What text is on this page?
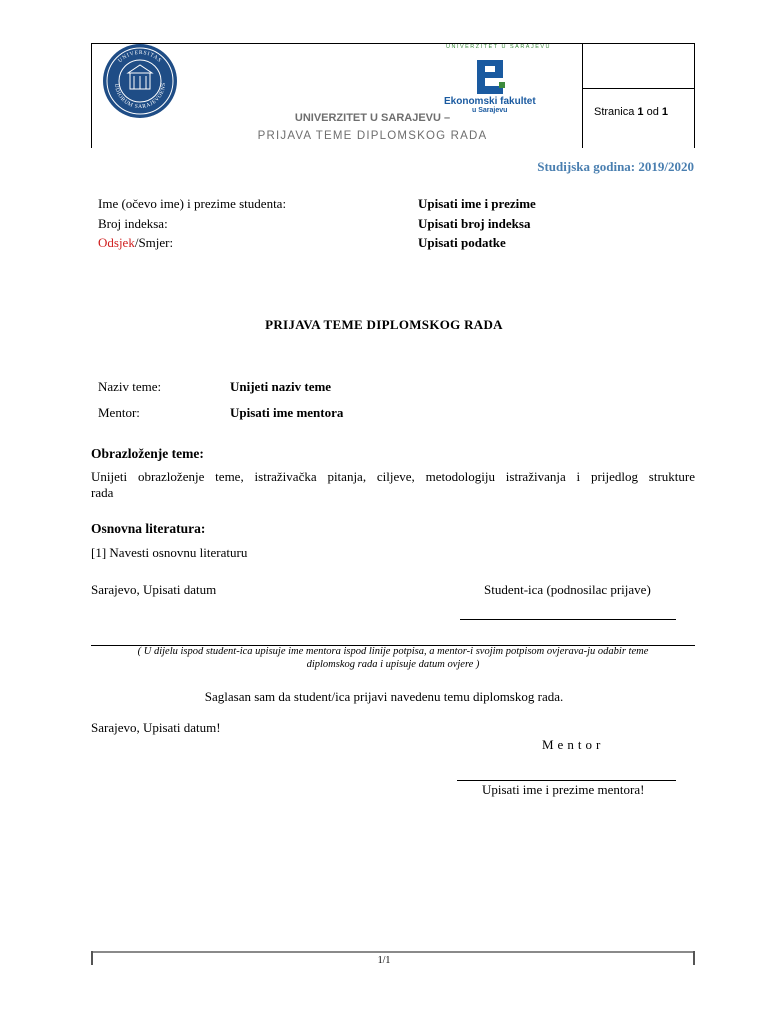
Stranica 1 od 1
UNIVERSITAS
UDIORUM SARAJEVOENS
UNIVERZITET U SARAJEVU –
PRIJAVA TEME DIPLOMSKOG RADA
UNIVERZITET U SARAJEVU
Ekonomski fakultet
u Sarajevu
Studijska godina: 2019/2020
Ime (očevo ime) i prezime studenta:	Upisati ime i prezime
Broj indeksa:	Upisati broj indeksa
Odsjek/Smjer:	Upisati podatke
PRIJAVA TEME DIPLOMSKOG RADA
Naziv teme:	Unijeti naziv teme
Mentor:	Upisati ime mentora
Obrazloženje teme:
Unijeti obrazloženje teme, istraživačka pitanja, ciljeve, metodologiju istraživanja i prijedlog strukture
rada
Osnovna literatura:
[1] Navesti osnovnu literaturu
Sarajevo, Upisati datum	Student-ica (podnosilac prijave)
( U dijelu ispod student-ica upisuje ime mentora ispod linije potpisa, a mentor-i svojim potpisom ovjerava-ju odabir teme
diplomskog rada i upisuje datum ovjere )
Saglasan sam da student/ica prijavi navedenu temu diplomskog rada.
Sarajevo, Upisati datum!
Mentor
Upisati ime i prezime mentora!
1/1
